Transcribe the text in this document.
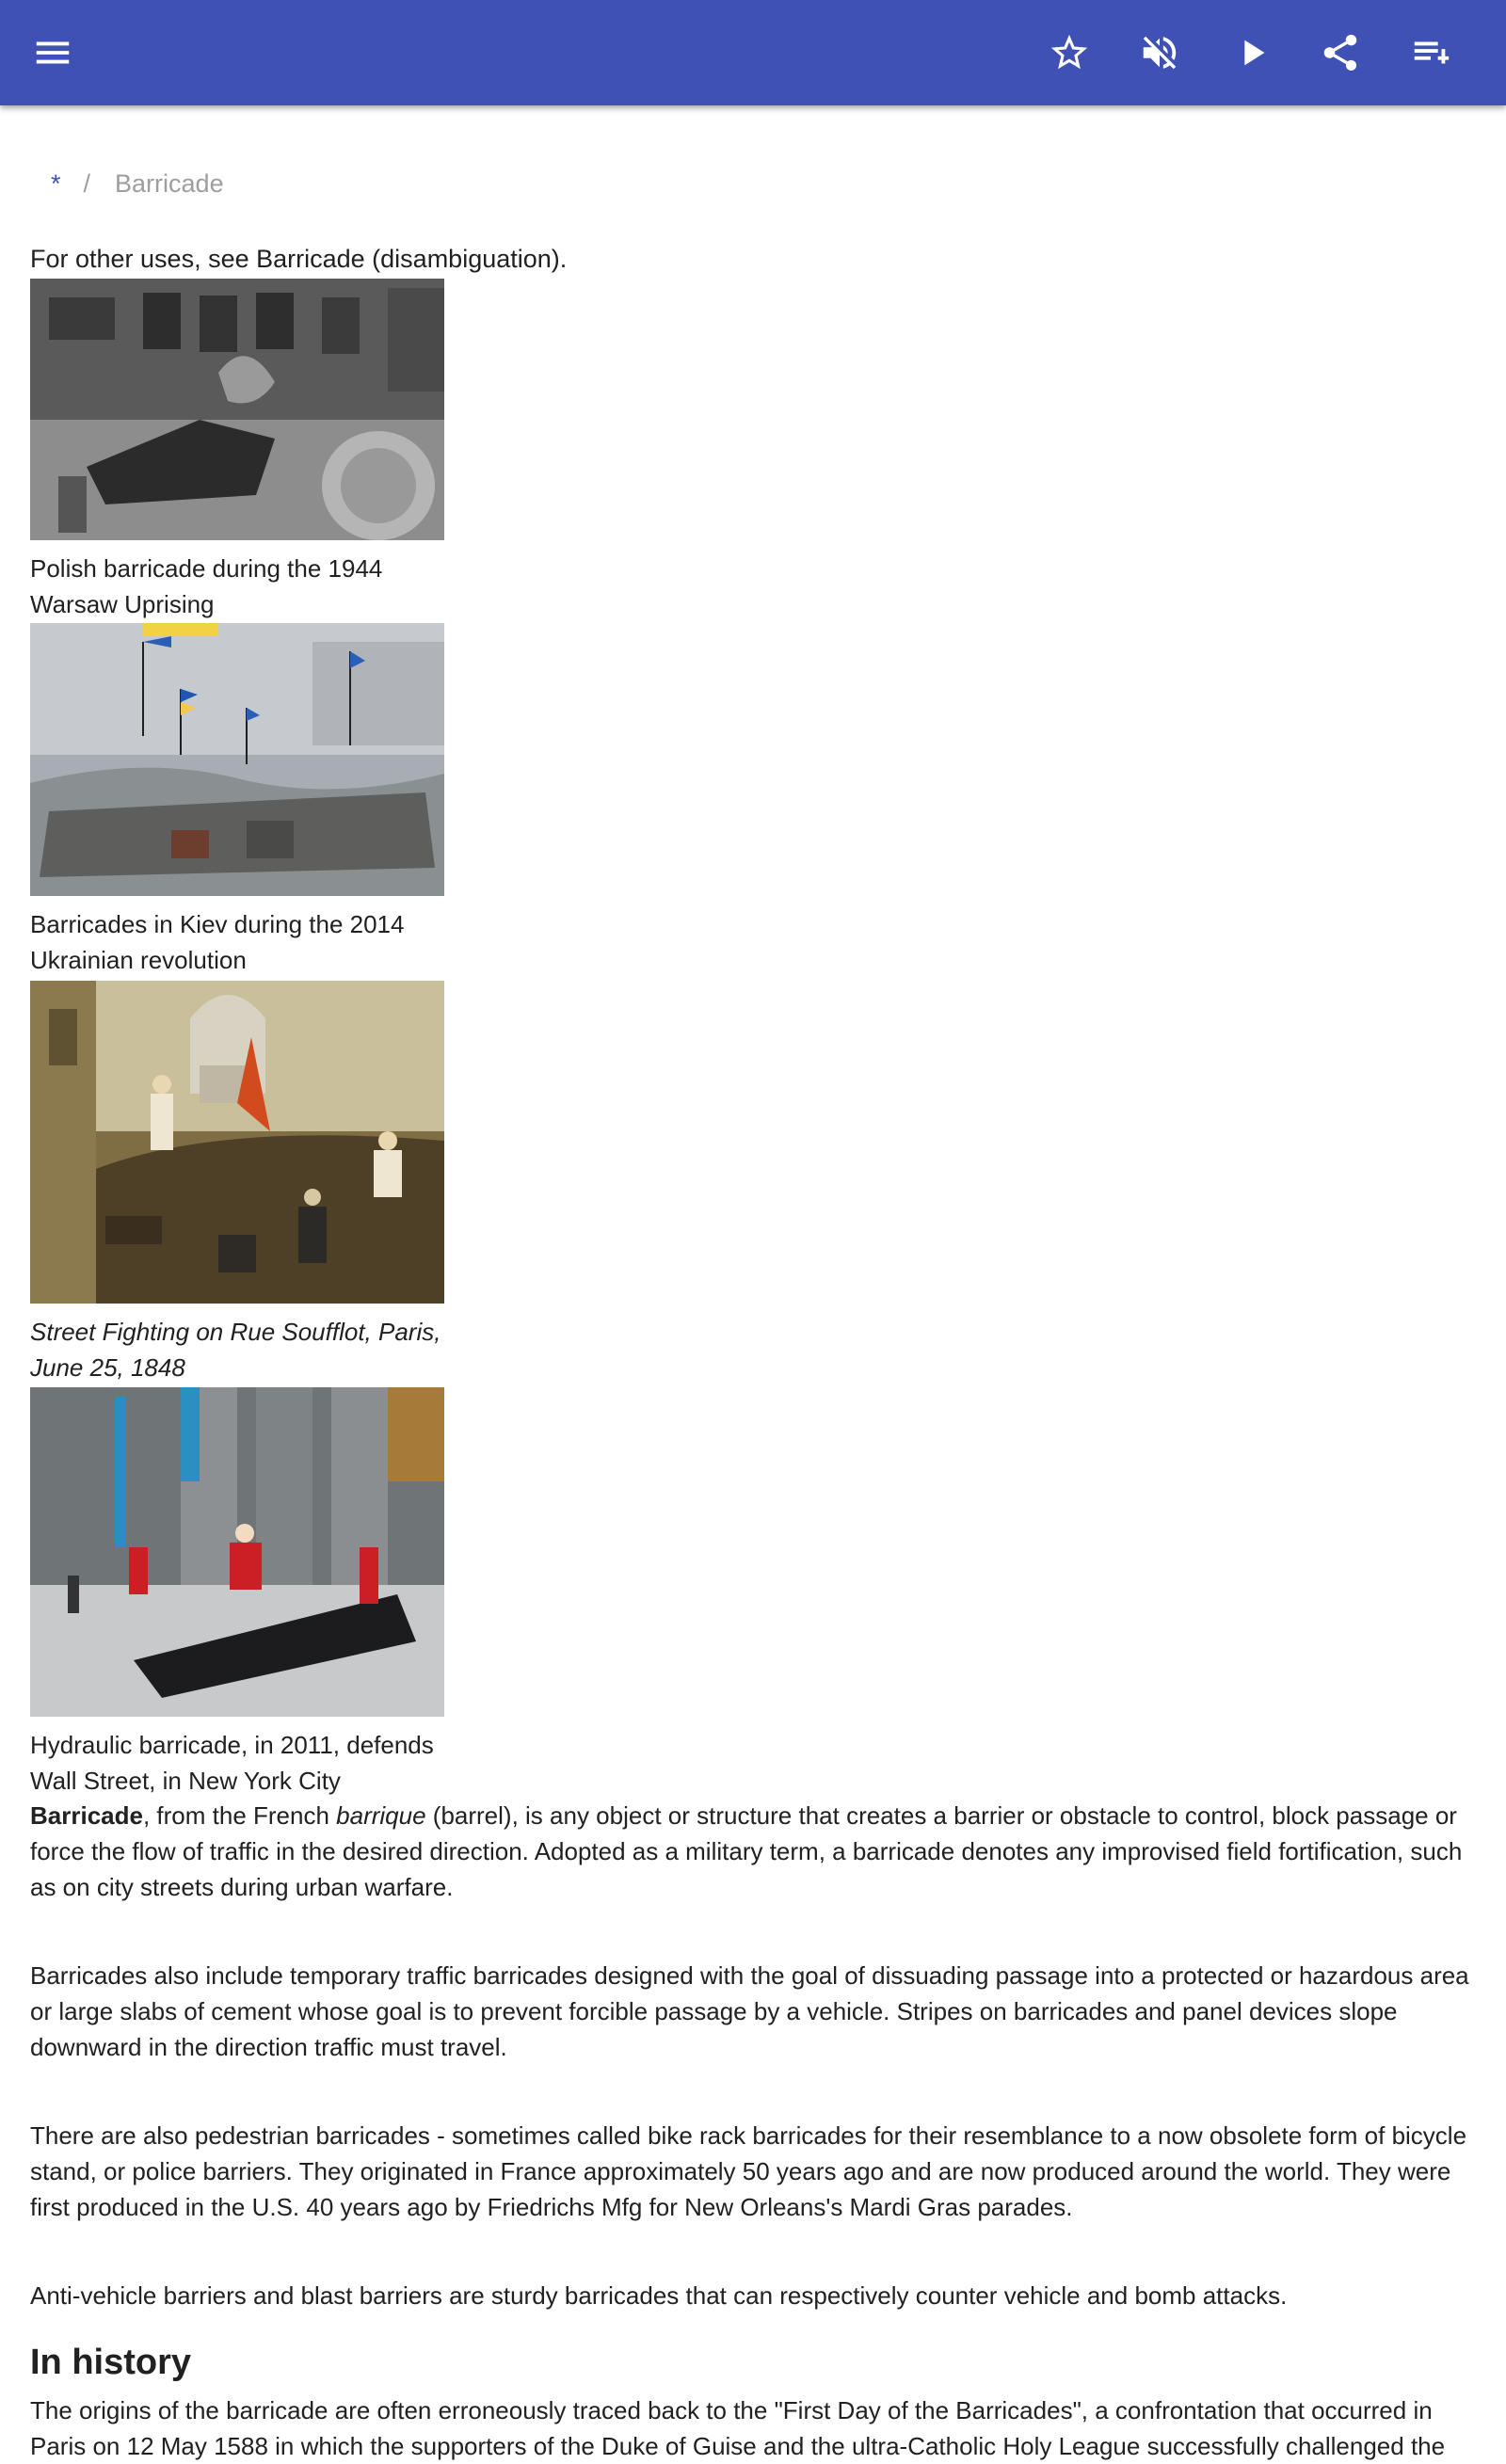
* / Barricade
For other uses, see Barricade (disambiguation).
Polish barricade during the 1944
Warsaw Uprising
Barricades in Kiev during the 2014
Ukrainian revolution
Street Fighting on Rue Soufflot, Paris,
June 25, 1848
Hydraulic barricade, in 2011, defends
Wall Street, in New York City
Barricade, from the French barrique (barrel), is any object or structure that creates a barrier or obstacle to control, block passage or force the flow of traffic in the desired direction. Adopted as a military term, a barricade denotes any improvised field fortification, such as on city streets during urban warfare.
Barricades also include temporary traffic barricades designed with the goal of dissuading passage into a protected or hazardous area or large slabs of cement whose goal is to prevent forcible passage by a vehicle. Stripes on barricades and panel devices slope downward in the direction traffic must travel.
There are also pedestrian barricades - sometimes called bike rack barricades for their resemblance to a now obsolete form of bicycle stand, or police barriers. They originated in France approximately 50 years ago and are now produced around the world. They were first produced in the U.S. 40 years ago by Friedrichs Mfg for New Orleans's Mardi Gras parades.
Anti-vehicle barriers and blast barriers are sturdy barricades that can respectively counter vehicle and bomb attacks.
In history
The origins of the barricade are often erroneously traced back to the "First Day of the Barricades", a confrontation that occurred in Paris on 12 May 1588 in which the supporters of the Duke of Guise and the ultra-Catholic Holy League successfully challenged the
